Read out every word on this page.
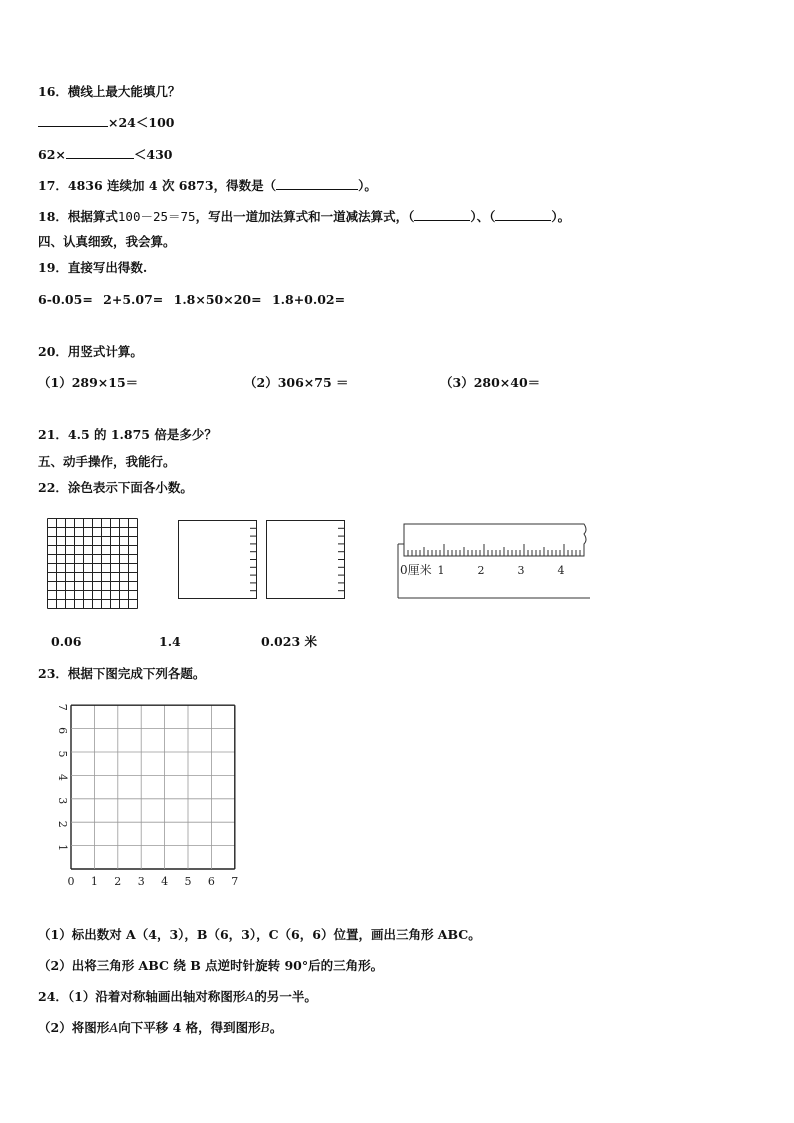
16．横线上最大能填几？
×24＜100
62×	＜430
17．4836 连续加 4 次 6873，得数是（	）。
18．根据算式100－25＝75，写出一道加法算式和一道减法算式，（	）、（	）。
四、认真细致，我会算。
19．直接写出得数.
6-0.05= 2+5.07= 1.8×50×20= 1.8+0.02=
20．用竖式计算。
（1）289×15＝	（2）306×75 ＝	（3）280×40＝
21．4.5 的 1.875 倍是多少？
五、动手操作，我能行。
22．涂色表示下面各小数。
0厘米 1	2	3	4
0.06	1.4	0.023 米
23．根据下图完成下列各题。
0 1 2 3 4 5 6 7
1
2
3
4
5
6
7
（1）标出数对 A（4，3），B（6，3），C（6，6）位置，画出三角形 ABC。
（2）出将三角形 ABC 绕 B 点逆时针旋转 90°后的三角形。
24．（1）沿着对称轴画出轴对称图形A的另一半。
（2）将图形A向下平移 4 格，得到图形B。
